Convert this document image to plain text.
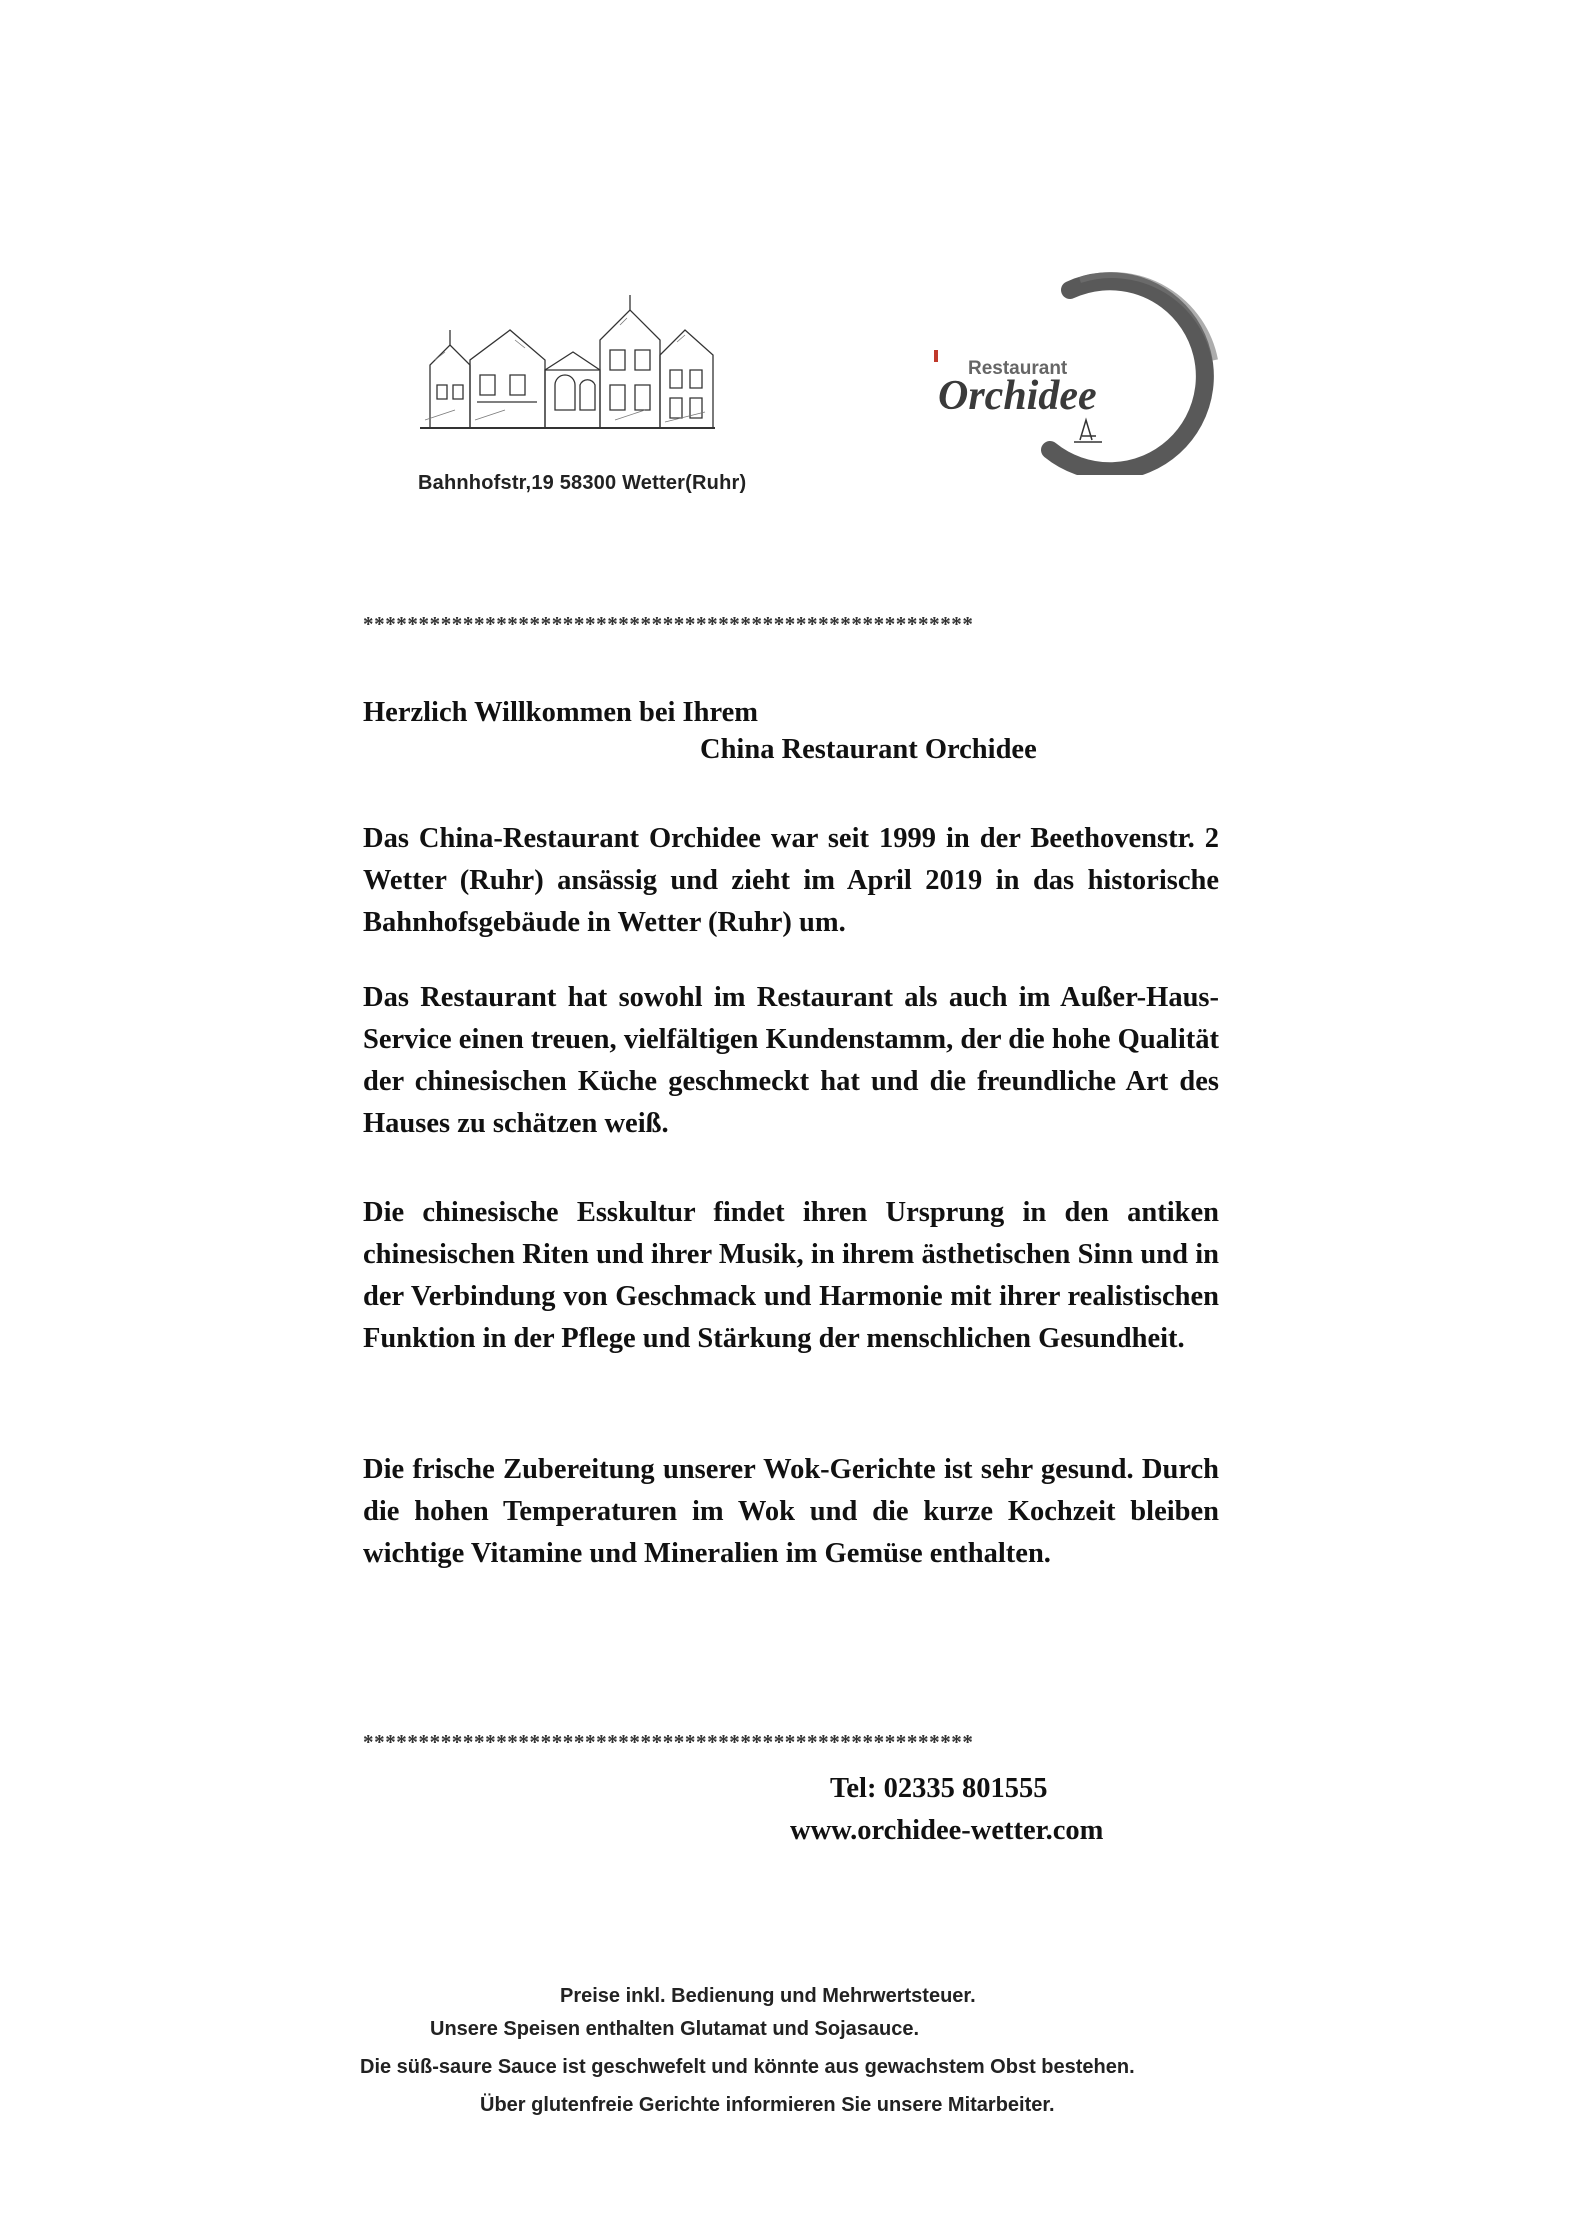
Bahnhofstr,19 58300 Wetter(Ruhr)
Restaurant
Orchidee
*******************************************************
Herzlich Willkommen bei Ihrem
China Restaurant Orchidee

Das China-Restaurant Orchidee war seit 1999 in der Beethovenstr. 2 Wetter (Ruhr) ansässig und zieht im April 2019 in das historische Bahnhofsgebäude in Wetter (Ruhr) um.

Das Restaurant hat sowohl im Restaurant als auch im Außer-Haus-Service einen treuen, vielfältigen Kundenstamm, der die hohe Qualität der chinesischen Küche geschmeckt hat und die freundliche Art des Hauses zu schätzen weiß.

Die chinesische Esskultur findet ihren Ursprung in den antiken chinesischen Riten und ihrer Musik, in ihrem ästhetischen Sinn und in der Verbindung von Geschmack und Harmonie mit ihrer realistischen Funktion in der Pflege und Stärkung der menschlichen Gesundheit.

Die frische Zubereitung unserer Wok-Gerichte ist sehr gesund. Durch die hohen Temperaturen im Wok und die kurze Kochzeit bleiben wichtige Vitamine und Mineralien im Gemüse enthalten.

*******************************************************
Tel: 02335 801555
www.orchidee-wetter.com
Preise inkl. Bedienung und Mehrwertsteuer.
Unsere Speisen enthalten Glutamat und Sojasauce.
Die süß-saure Sauce ist geschwefelt und könnte aus gewachstem Obst bestehen.
Über glutenfreie Gerichte informieren Sie unsere Mitarbeiter.
